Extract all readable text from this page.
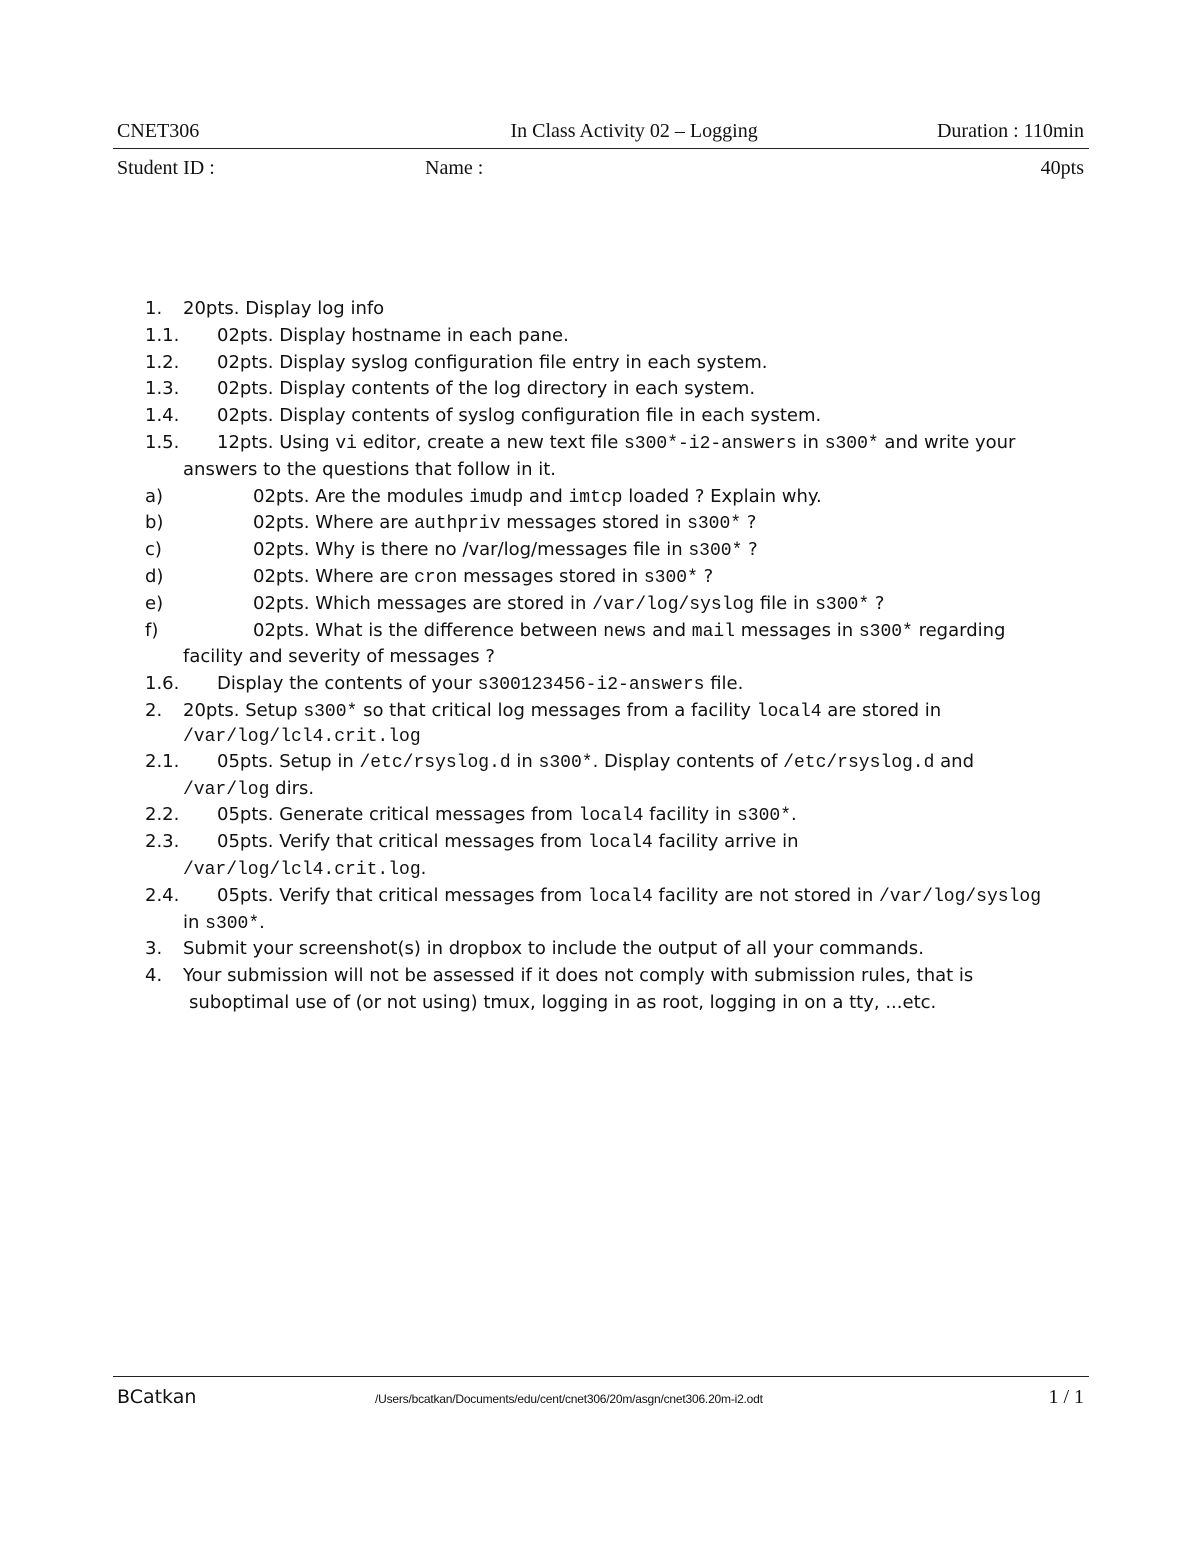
CNET306	In Class Activity 02 – Logging	Duration : 110min
Student ID :	Name :	40pts
1. 20pts. Display log info
1.1. 02pts. Display hostname in each pane.
1.2. 02pts. Display syslog configuration file entry in each system.
1.3. 02pts. Display contents of the log directory in each system.
1.4. 02pts. Display contents of syslog configuration file in each system.
1.5. 12pts. Using vi editor, create a new text file s300*-i2-answers in s300* and write your
answers to the questions that follow in it.
a)	02pts. Are the modules imudp and imtcp loaded ? Explain why.
b)	02pts. Where are authpriv messages stored in s300* ?
c)	02pts. Why is there no /var/log/messages file in s300* ?
d)	02pts. Where are cron messages stored in s300* ?
e)	02pts. Which messages are stored in /var/log/syslog file in s300* ?
f)	02pts. What is the difference between news and mail messages in s300* regarding
facility and severity of messages ?
1.6. Display the contents of your s300123456-i2-answers file.
2. 20pts. Setup s300* so that critical log messages from a facility local4 are stored in
/var/log/lcl4.crit.log
2.1. 05pts. Setup in /etc/rsyslog.d in s300*. Display contents of /etc/rsyslog.d and
/var/log dirs.
2.2. 05pts. Generate critical messages from local4 facility in s300*.
2.3. 05pts. Verify that critical messages from local4 facility arrive in
/var/log/lcl4.crit.log.
2.4. 05pts. Verify that critical messages from local4 facility are not stored in /var/log/syslog
in s300*.
3. Submit your screenshot(s) in dropbox to include the output of all your commands.
4. Your submission will not be assessed if it does not comply with submission rules, that is
suboptimal use of (or not using) tmux, logging in as root, logging in on a tty, ...etc.
BCatkan	/Users/bcatkan/Documents/edu/cent/cnet306/20m/asgn/cnet306.20m-i2.odt	1 / 1
